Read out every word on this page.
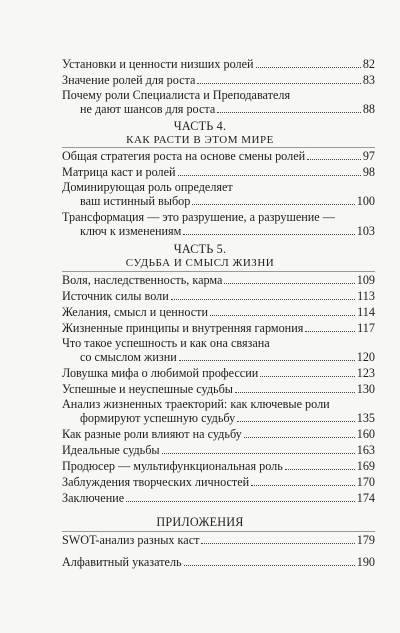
Установки и ценности низших ролей	82
Значение ролей для роста	83
Почему роли Специалиста и Преподавателя
не дают шансов для роста	88
ЧАСТЬ 4.
КАК РАСТИ В ЭТОМ МИРЕ
Общая стратегия роста на основе смены ролей	97
Матрица каст и ролей	98
Доминирующая роль определяет
ваш истинный выбор	100
Трансформация — это разрушение, а разрушение —
ключ к изменениям	103
ЧАСТЬ 5.
СУДЬБА И СМЫСЛ ЖИЗНИ
Воля, наследственность, карма	109
Источник силы воли	113
Желания, смысл и ценности	114
Жизненные принципы и внутренняя гармония	117
Что такое успешность и как она связана
со смыслом жизни	120
Ловушка мифа о любимой профессии	123
Успешные и неуспешные судьбы	130
Анализ жизненных траекторий: как ключевые роли
формируют успешную судьбу	135
Как разные роли влияют на судьбу	160
Идеальные судьбы	163
Продюсер — мультифункциональная роль	169
Заблуждения творческих личностей	170
Заключение	174
ПРИЛОЖЕНИЯ
SWOT-анализ разных каст	179
Алфавитный указатель	190
